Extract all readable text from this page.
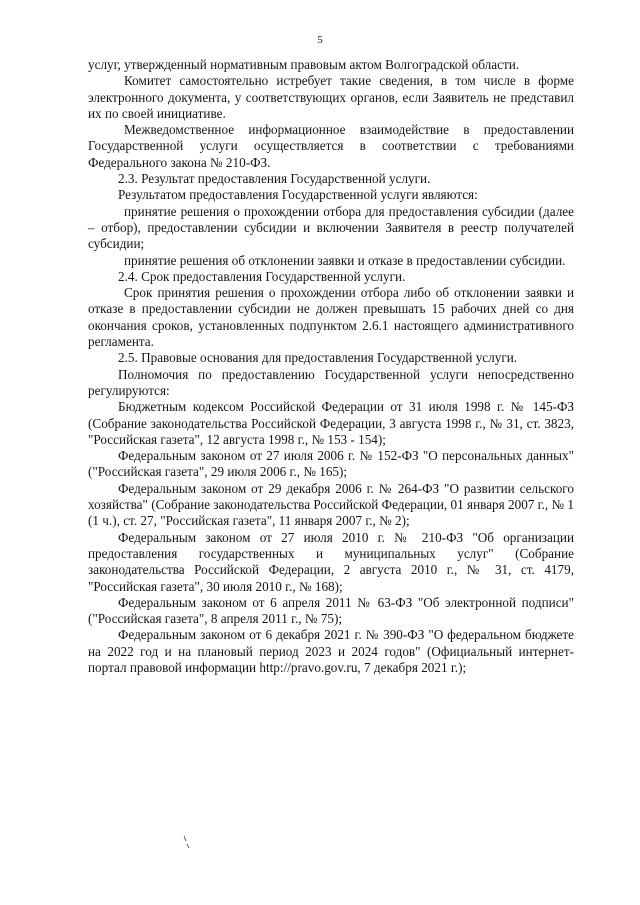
5

услуг, утвержденный нормативным правовым актом Волгоградской области.

Комитет самостоятельно истребует такие сведения, в том числе в форме электронного документа, у соответствующих органов, если Заявитель не представил их по своей инициативе.

Межведомственное информационное взаимодействие в предоставлении Государственной услуги осуществляется в соответствии с требованиями Федерального закона № 210-ФЗ.

2.3. Результат предоставления Государственной услуги.

Результатом предоставления Государственной услуги являются:

принятие решения о прохождении отбора для предоставления субсидии (далее – отбор), предоставлении субсидии и включении Заявителя в реестр получателей субсидии;

принятие решения об отклонении заявки и отказе в предоставлении субсидии.

2.4. Срок предоставления Государственной услуги.

Срок принятия решения о прохождении отбора либо об отклонении заявки и отказе в предоставлении субсидии не должен превышать 15 рабочих дней со дня окончания сроков, установленных подпунктом 2.6.1 настоящего административного регламента.

2.5. Правовые основания для предоставления Государственной услуги.

Полномочия по предоставлению Государственной услуги непосредственно регулируются:

Бюджетным кодексом Российской Федерации от 31 июля 1998 г. № 145-ФЗ (Собрание законодательства Российской Федерации, 3 августа 1998 г., № 31, ст. 3823, "Российская газета", 12 августа 1998 г., № 153 - 154);

Федеральным законом от 27 июля 2006 г. № 152-ФЗ "О персональных данных" ("Российская газета", 29 июля 2006 г., № 165);

Федеральным законом от 29 декабря 2006 г. № 264-ФЗ "О развитии сельского хозяйства" (Собрание законодательства Российской Федерации, 01 января 2007 г., № 1 (1 ч.), ст. 27, "Российская газета", 11 января 2007 г., № 2);

Федеральным законом от 27 июля 2010 г. № 210-ФЗ "Об организации предоставления государственных и муниципальных услуг" (Собрание законодательства Российской Федерации, 2 августа 2010 г., № 31, ст. 4179, "Российская газета", 30 июля 2010 г., № 168);

Федеральным законом от 6 апреля 2011 № 63-ФЗ "Об электронной подписи" ("Российская газета", 8 апреля 2011 г., № 75);

Федеральным законом от 6 декабря 2021 г. № 390-ФЗ "О федеральном бюджете на 2022 год и на плановый период 2023 и 2024 годов" (Официальный интернет-портал правовой информации http://pravo.gov.ru, 7 декабря 2021 г.);
